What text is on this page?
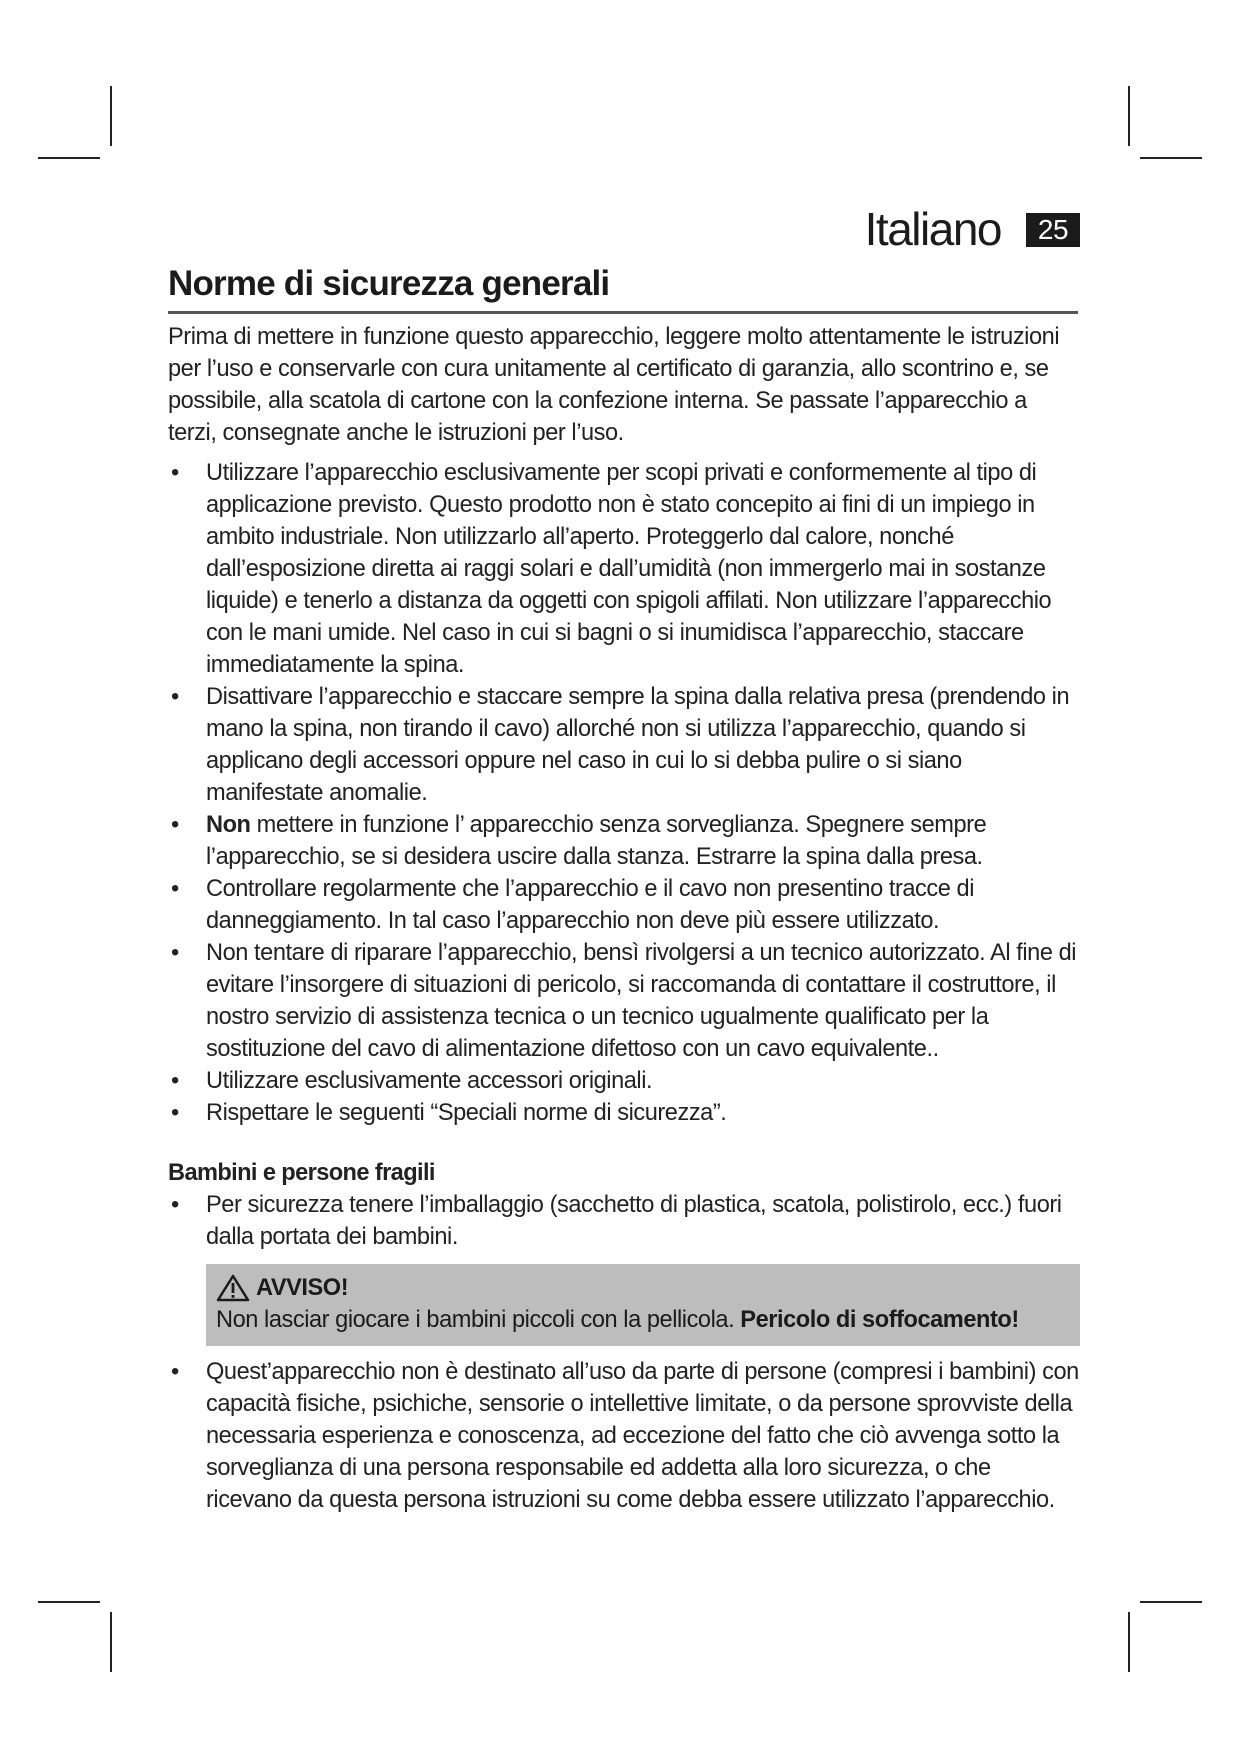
Italiano	25
Norme di sicurezza generali

Prima di mettere in funzione questo apparecchio, leggere molto attentamente le istruzioni per l’uso e conservarle con cura unitamente al certificato di garanzia, allo scontrino e, se possibile, alla scatola di cartone con la confezione interna. Se passate l’apparecchio a terzi, consegnate anche le istruzioni per l’uso.

• Utilizzare l’apparecchio esclusivamente per scopi privati e conformemente al tipo di applicazione previsto. Questo prodotto non è stato concepito ai fini di un impiego in ambito industriale. Non utilizzarlo all’aperto. Proteggerlo dal calore, nonché dall’esposizione diretta ai raggi solari e dall’umidità (non immergerlo mai in sostanze liquide) e tenerlo a distanza da oggetti con spigoli affilati. Non utilizzare l’apparecchio con le mani umide. Nel caso in cui si bagni o si inumidisca l’apparecchio, staccare immediatamente la spina.
• Disattivare l’apparecchio e staccare sempre la spina dalla relativa presa (prendendo in mano la spina, non tirando il cavo) allorché non si utilizza l’apparecchio, quando si applicano degli accessori oppure nel caso in cui lo si debba pulire o si siano manifestate anomalie.
• Non mettere in funzione l’ apparecchio senza sorveglianza. Spegnere sempre l’apparecchio, se si desidera uscire dalla stanza. Estrarre la spina dalla presa.
• Controllare regolarmente che l’apparecchio e il cavo non presentino tracce di danneggiamento. In tal caso l’apparecchio non deve più essere utilizzato.
• Non tentare di riparare l’apparecchio, bensì rivolgersi a un tecnico autorizzato. Al fine di evitare l’insorgere di situazioni di pericolo, si raccomanda di contattare il costruttore, il nostro servizio di assistenza tecnica o un tecnico ugualmente qualificato per la sostituzione del cavo di alimentazione difettoso con un cavo equivalente..
• Utilizzare esclusivamente accessori originali.
• Rispettare le seguenti “Speciali norme di sicurezza”.

Bambini e persone fragili

• Per sicurezza tenere l’imballaggio (sacchetto di plastica, scatola, polistirolo, ecc.) fuori dalla portata dei bambini.
AVVISO!
Non lasciar giocare i bambini piccoli con la pellicola. Pericolo di soffocamento!
• Quest’apparecchio non è destinato all’uso da parte di persone (compresi i bambini) con capacità fisiche, psichiche, sensorie o intellettive limitate, o da persone sprovviste della necessaria esperienza e conoscenza, ad eccezione del fatto che ciò avvenga sotto la sorveglianza di una persona responsabile ed addetta alla loro sicurezza, o che ricevano da questa persona istruzioni su come debba essere utilizzato l’apparecchio.
